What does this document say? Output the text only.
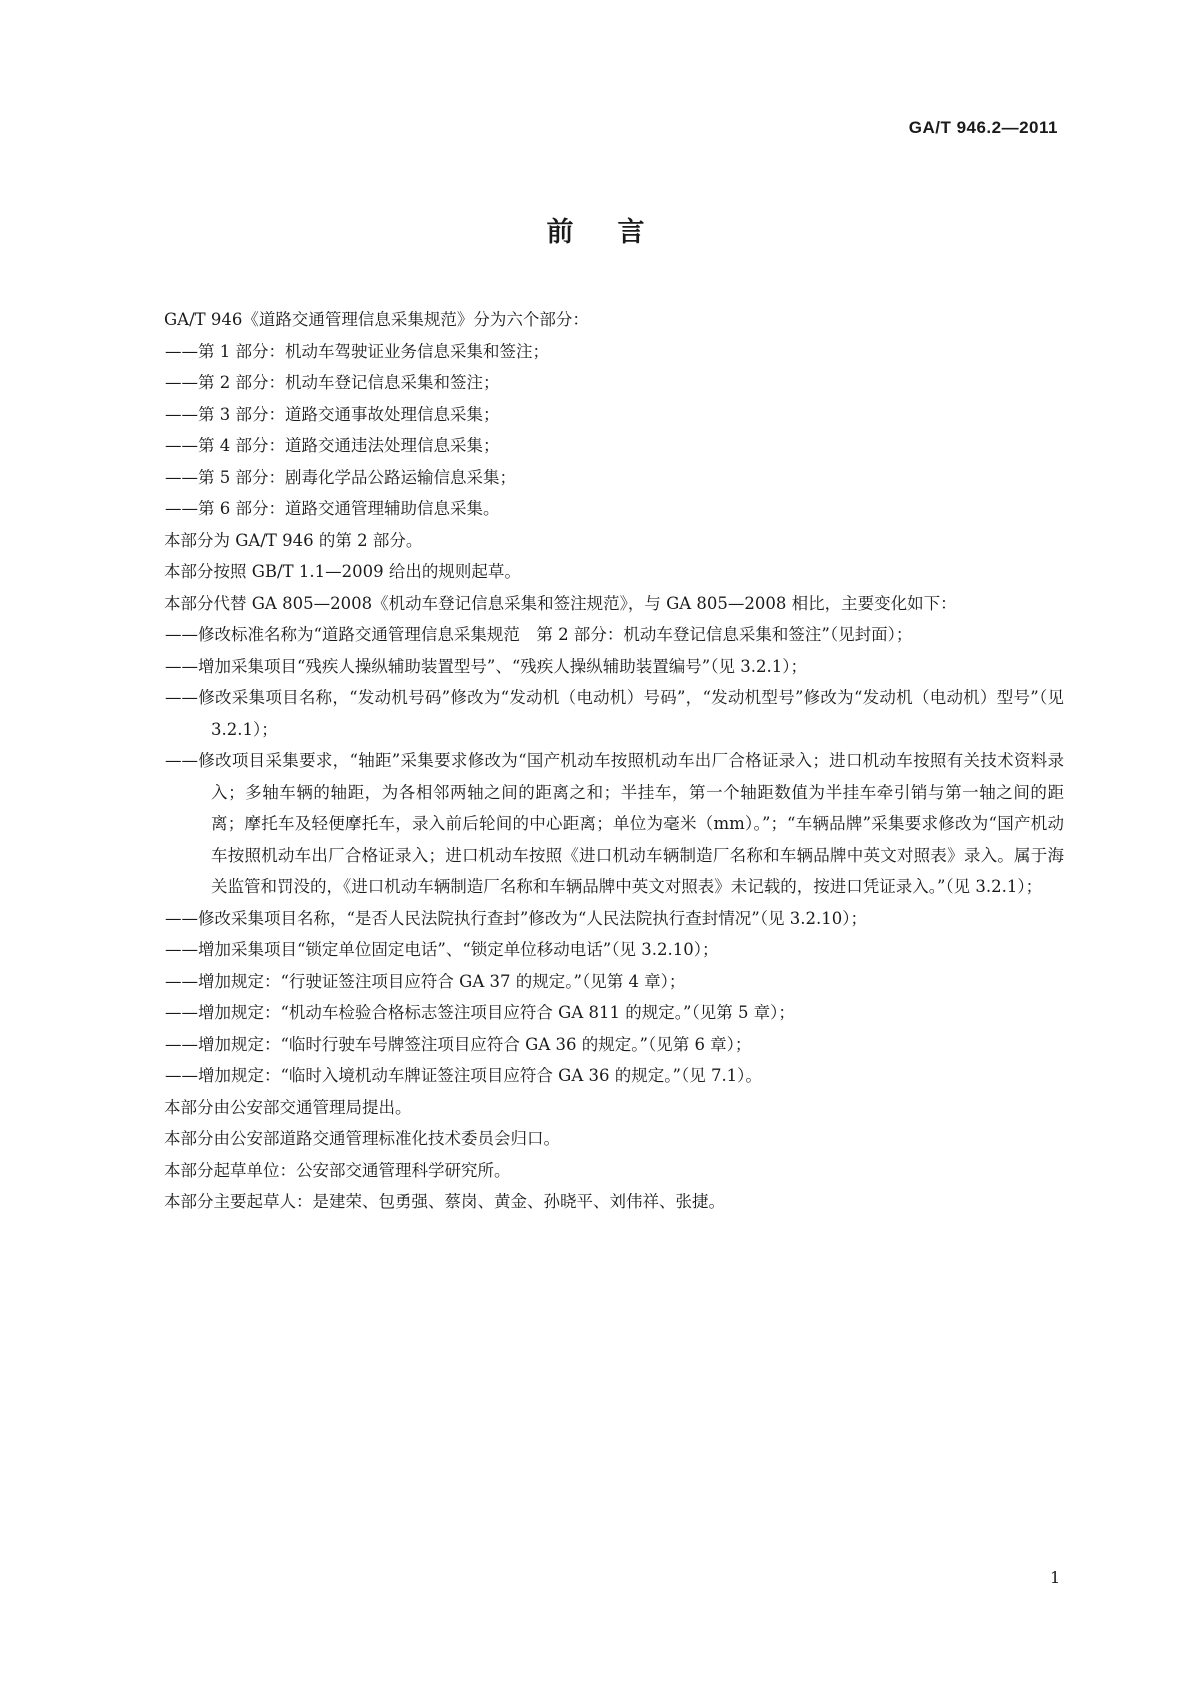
GA/T 946.2—2011
前言

GA/T 946《道路交通管理信息采集规范》分为六个部分：

——第 1 部分：机动车驾驶证业务信息采集和签注；

——第 2 部分：机动车登记信息采集和签注；

——第 3 部分：道路交通事故处理信息采集；

——第 4 部分：道路交通违法处理信息采集；

——第 5 部分：剧毒化学品公路运输信息采集；

——第 6 部分：道路交通管理辅助信息采集。

本部分为 GA/T 946 的第 2 部分。

本部分按照 GB/T 1.1—2009 给出的规则起草。

本部分代替 GA 805—2008《机动车登记信息采集和签注规范》，与 GA 805—2008 相比，主要变化如下：

——修改标准名称为“道路交通管理信息采集规范　第 2 部分：机动车登记信息采集和签注”（见封面）；

——增加采集项目“残疾人操纵辅助装置型号”、“残疾人操纵辅助装置编号”（见 3.2.1）；

——修改采集项目名称，“发动机号码”修改为“发动机（电动机）号码”，“发动机型号”修改为“发动机（电动机）型号”（见 3.2.1）；

——修改项目采集要求，“轴距”采集要求修改为“国产机动车按照机动车出厂合格证录入；进口机动车按照有关技术资料录入；多轴车辆的轴距，为各相邻两轴之间的距离之和；半挂车，第一个轴距数值为半挂车牵引销与第一轴之间的距离；摩托车及轻便摩托车，录入前后轮间的中心距离；单位为毫米（mm）。”；“车辆品牌”采集要求修改为“国产机动车按照机动车出厂合格证录入；进口机动车按照《进口机动车辆制造厂名称和车辆品牌中英文对照表》录入。属于海关监管和罚没的，《进口机动车辆制造厂名称和车辆品牌中英文对照表》未记载的，按进口凭证录入。”（见 3.2.1）；

——修改采集项目名称，“是否人民法院执行查封”修改为“人民法院执行查封情况”（见 3.2.10）；

——增加采集项目“锁定单位固定电话”、“锁定单位移动电话”（见 3.2.10）；

——增加规定：“行驶证签注项目应符合 GA 37 的规定。”（见第 4 章）；

——增加规定：“机动车检验合格标志签注项目应符合 GA 811 的规定。”（见第 5 章）；

——增加规定：“临时行驶车号牌签注项目应符合 GA 36 的规定。”（见第 6 章）；

——增加规定：“临时入境机动车牌证签注项目应符合 GA 36 的规定。”（见 7.1）。

本部分由公安部交通管理局提出。

本部分由公安部道路交通管理标准化技术委员会归口。

本部分起草单位：公安部交通管理科学研究所。

本部分主要起草人：是建荣、包勇强、蔡岗、黄金、孙晓平、刘伟祥、张捷。

1
